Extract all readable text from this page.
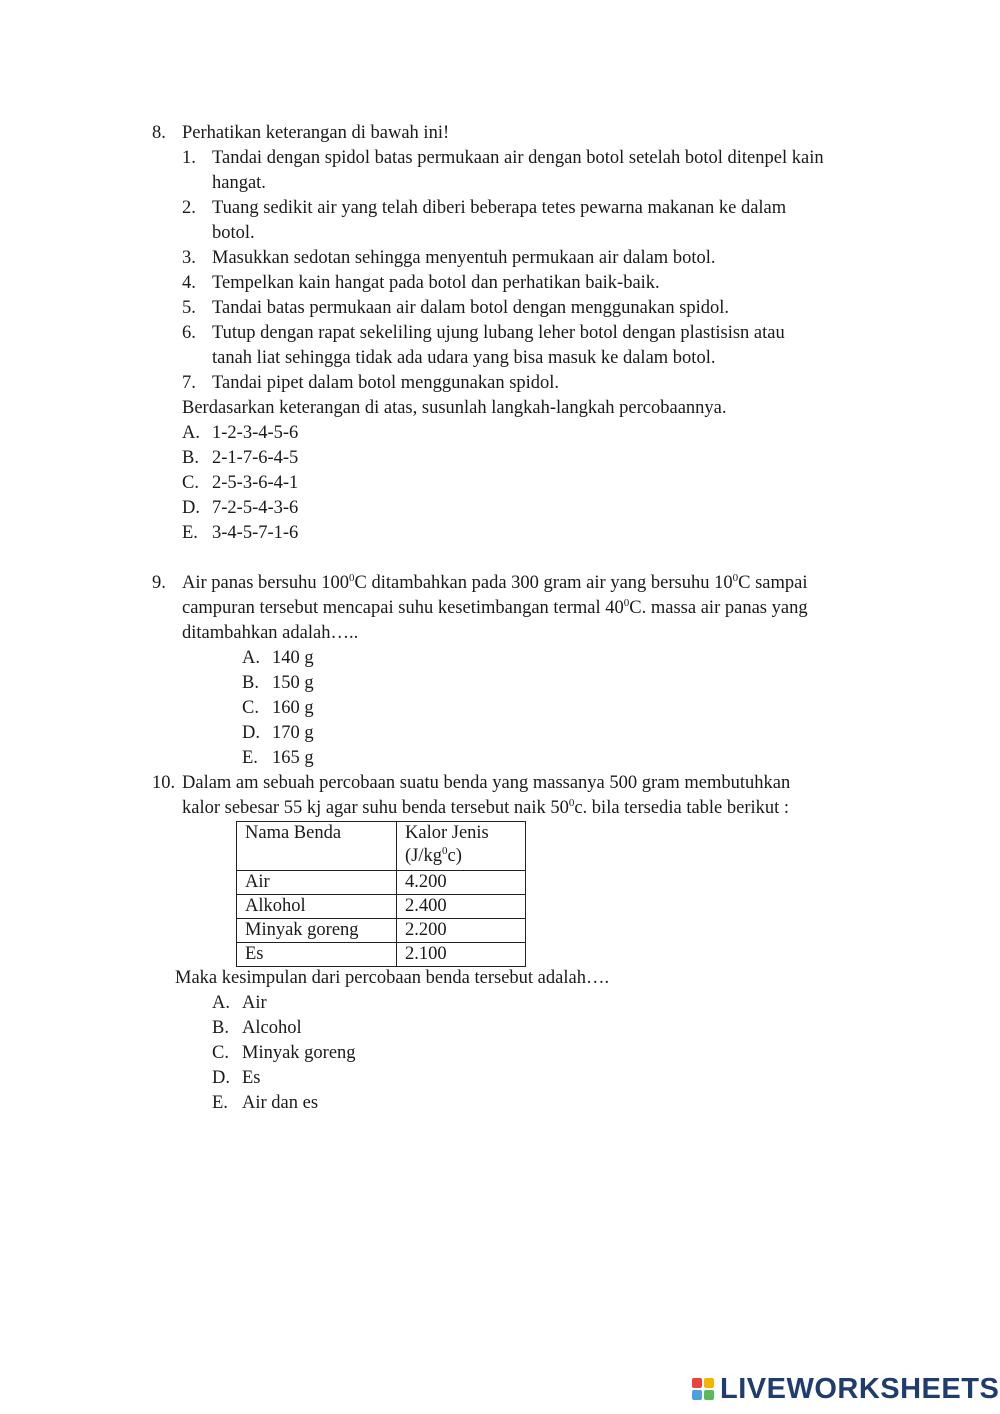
8. Perhatikan keterangan di bawah ini!
1. Tandai dengan spidol batas permukaan air dengan botol setelah botol ditenpel kain
hangat.
2. Tuang sedikit air yang telah diberi beberapa tetes pewarna makanan ke dalam
botol.
3. Masukkan sedotan sehingga menyentuh permukaan air dalam botol.
4. Tempelkan kain hangat pada botol dan perhatikan baik-baik.
5. Tandai batas permukaan air dalam botol dengan menggunakan spidol.
6. Tutup dengan rapat sekeliling ujung lubang leher botol dengan plastisisn atau
tanah liat sehingga tidak ada udara yang bisa masuk ke dalam botol.
7. Tandai pipet dalam botol menggunakan spidol.
Berdasarkan keterangan di atas, susunlah langkah-langkah percobaannya.
A. 1-2-3-4-5-6
B. 2-1-7-6-4-5
C. 2-5-3-6-4-1
D. 7-2-5-4-3-6
E. 3-4-5-7-1-6
9. Air panas bersuhu $100^0C$ ditambahkan pada 300 gram air yang bersuhu $10^0C$ sampai
campuran tersebut mencapai suhu kesetimbangan termal $40^0C$. massa air panas yang
ditambahkan adalah…..
A. 140 g
B. 150 g
C. 160 g
D. 170 g
E. 165 g
10. Dalam am sebuah percobaan suatu benda yang massanya 500 gram membutuhkan
kalor sebesar 55 kj agar suhu benda tersebut naik $50^0c$. bila tersedia table berikut :
Nama Benda	Kalor Jenis
$(J/kg^0c)$
Air	4.200
Alkohol	2.400
Minyak goreng	2.200
Es	2.100
Maka kesimpulan dari percobaan benda tersebut adalah….
A. Air
B. Alcohol
C. Minyak goreng
D. Es
E. Air dan es
LIVEWORKSHEETS
